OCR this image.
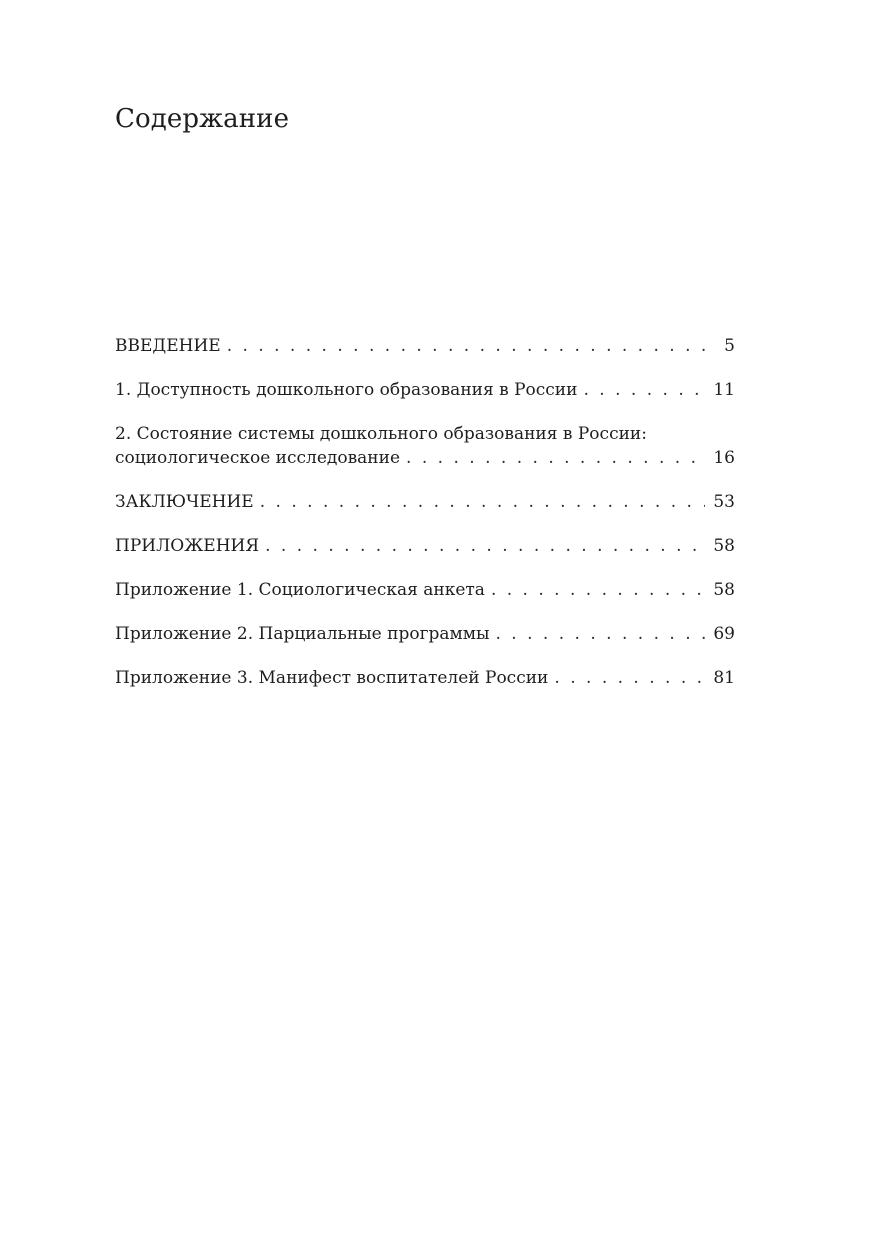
Содержание
ВВЕДЕНИЕ . . .	5
1. Доступность дошкольного образования в России . . .	11
2. Состояние системы дошкольного образования в России:
социологическое исследование . . .	16
ЗАКЛЮЧЕНИЕ . . .	53
ПРИЛОЖЕНИЯ . . .	58
Приложение 1. Социологическая анкета . . .	58
Приложение 2. Парциальные программы . . .	69
Приложение 3. Манифест воспитателей России . . .	81
